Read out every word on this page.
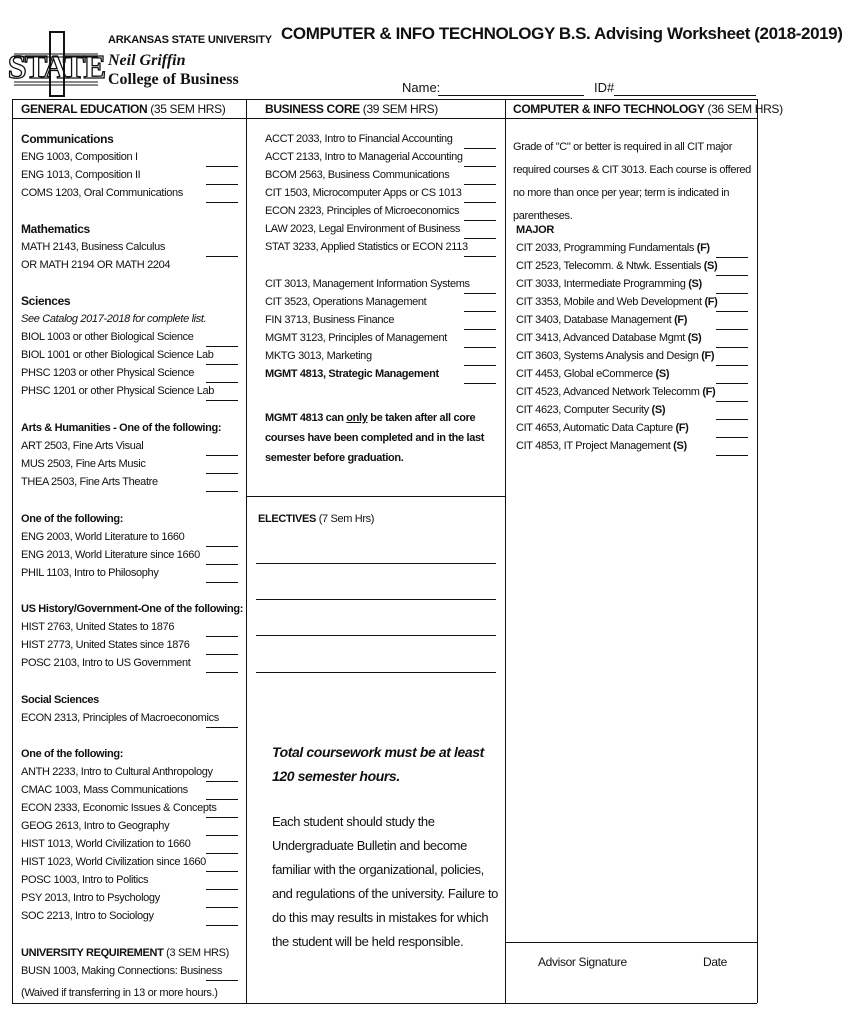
STATE
ARKANSAS STATE UNIVERSITY
Neil Griffin
College of Business
COMPUTER & INFO TECHNOLOGY B.S. Advising Worksheet (2018-2019)
Name:	ID#
GENERAL EDUCATION (35 SEM HRS)	BUSINESS CORE (39 SEM HRS)	COMPUTER & INFO TECHNOLOGY (36 SEM HRS)
Communications
ENG 1003, Composition I
ENG 1013, Composition II
COMS 1203, Oral Communications
Mathematics
MATH 2143, Business Calculus
OR MATH 2194 OR MATH 2204
Sciences
See Catalog 2017-2018 for complete list.
BIOL 1003 or other Biological Science
BIOL 1001 or other Biological Science Lab
PHSC 1203 or other Physical Science
PHSC 1201 or other Physical Science Lab
Arts & Humanities - One of the following:
ART 2503, Fine Arts Visual
MUS 2503, Fine Arts Music
THEA 2503, Fine Arts Theatre
One of the following:
ENG 2003, World Literature to 1660
ENG 2013, World Literature since 1660
PHIL 1103, Intro to Philosophy
US History/Government-One of the following:
HIST 2763, United States to 1876
HIST 2773, United States since 1876
POSC 2103, Intro to US Government
Social Sciences
ECON 2313, Principles of Macroeconomics
One of the following:
ANTH 2233, Intro to Cultural Anthropology
CMAC 1003, Mass Communications
ECON 2333, Economic Issues & Concepts
GEOG 2613, Intro to Geography
HIST 1013, World Civilization to 1660
HIST 1023, World Civilization since 1660
POSC 1003, Intro to Politics
PSY 2013, Intro to Psychology
SOC 2213, Intro to Sociology
UNIVERSITY REQUIREMENT (3 SEM HRS)
BUSN 1003, Making Connections: Business
(Waived if transferring in 13 or more hours.)
ACCT 2033, Intro to Financial Accounting
ACCT 2133, Intro to Managerial Accounting
BCOM 2563, Business Communications
CIT 1503, Microcomputer Apps or CS 1013
ECON 2323, Principles of Microeconomics
LAW 2023, Legal Environment of Business
STAT 3233, Applied Statistics or ECON 2113
CIT 3013, Management Information Systems
CIT 3523, Operations Management
FIN 3713, Business Finance
MGMT 3123, Principles of Management
MKTG 3013, Marketing
MGMT 4813, Strategic Management
MGMT 4813 can only be taken after all core courses have been completed and in the last semester before graduation.
ELECTIVES (7 Sem Hrs)
Total coursework must be at least 120 semester hours.
Each student should study the Undergraduate Bulletin and become familiar with the organizational, policies, and regulations of the university. Failure to do this may results in mistakes for which the student will be held responsible.
Grade of "C" or better is required in all CIT major required courses & CIT 3013. Each course is offered no more than once per year; term is indicated in parentheses.
MAJOR
CIT 2033, Programming Fundamentals (F)
CIT 2523, Telecomm. & Ntwk. Essentials (S)
CIT 3033, Intermediate Programming (S)
CIT 3353, Mobile and Web Development (F)
CIT 3403, Database Management (F)
CIT 3413, Advanced Database Mgmt (S)
CIT 3603, Systems Analysis and Design (F)
CIT 4453, Global eCommerce (S)
CIT 4523, Advanced Network Telecomm (F)
CIT 4623, Computer Security (S)
CIT 4653, Automatic Data Capture (F)
CIT 4853, IT Project Management (S)
Advisor Signature	Date
